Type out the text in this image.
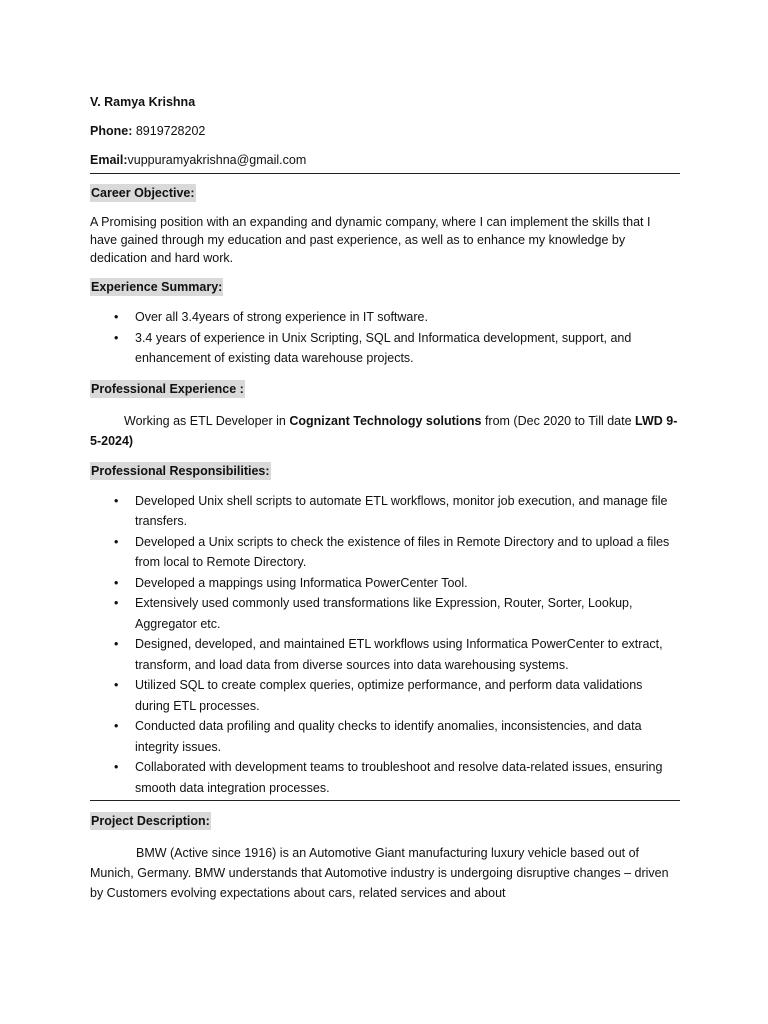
V. Ramya Krishna

Phone: 8919728202

Email:vuppuramyakrishna@gmail.com

Career Objective:

A Promising position with an expanding and dynamic company, where I can implement the skills that I have gained through my education and past experience, as well as to enhance my knowledge by dedication and hard work.

Experience Summary:
• Over all 3.4years of strong experience in IT software.
• 3.4 years of experience in Unix Scripting, SQL and Informatica development, support, and enhancement of existing data warehouse projects.
Professional Experience :

Working as ETL Developer in Cognizant Technology solutions from (Dec 2020 to Till date LWD 9-5-2024)

Professional Responsibilities:
• Developed Unix shell scripts to automate ETL workflows, monitor job execution, and manage file transfers.
• Developed a Unix scripts to check the existence of files in Remote Directory and to upload a files from local to Remote Directory.
• Developed a mappings using Informatica PowerCenter Tool.
• Extensively used commonly used transformations like Expression, Router, Sorter, Lookup, Aggregator etc.
• Designed, developed, and maintained ETL workflows using Informatica PowerCenter to extract, transform, and load data from diverse sources into data warehousing systems.
• Utilized SQL to create complex queries, optimize performance, and perform data validations during ETL processes.
• Conducted data profiling and quality checks to identify anomalies, inconsistencies, and data integrity issues.
• Collaborated with development teams to troubleshoot and resolve data-related issues, ensuring smooth data integration processes.
Project Description:

BMW (Active since 1916) is an Automotive Giant manufacturing luxury vehicle based out of Munich, Germany. BMW understands that Automotive industry is undergoing disruptive changes – driven by Customers evolving expectations about cars, related services and about
